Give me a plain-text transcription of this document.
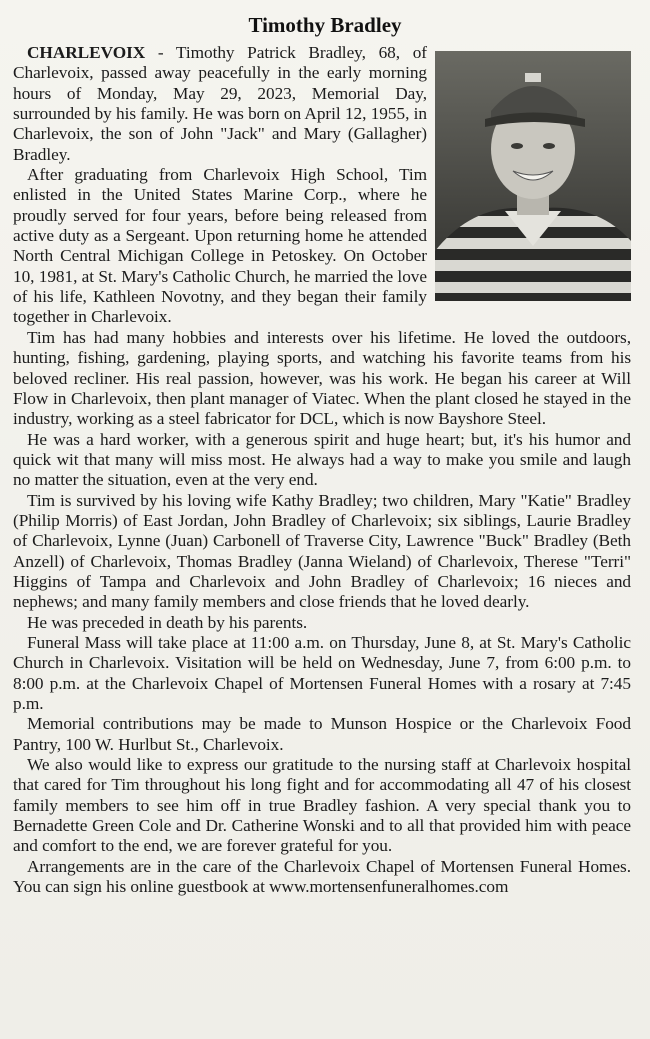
Timothy Bradley

CHARLEVOIX - Timothy Patrick Bradley, 68, of Charlevoix, passed away peacefully in the early morning hours of Monday, May 29, 2023, Memorial Day, surrounded by his family. He was born on April 12, 1955, in Charlevoix, the son of John "Jack" and Mary (Gallagher) Bradley.

After graduating from Charlevoix High School, Tim enlisted in the United States Marine Corp., where he proudly served for four years, before being released from active duty as a Sergeant. Upon returning home he attended North Central Michigan College in Petoskey. On October 10, 1981, at St. Mary's Catholic Church, he married the love of his life, Kathleen Novotny, and they began their family together in Charlevoix.

Tim has had many hobbies and interests over his lifetime. He loved the outdoors, hunting, fishing, gardening, playing sports, and watching his favorite teams from his beloved recliner. His real passion, however, was his work. He began his career at Will Flow in Charlevoix, then plant manager of Viatec. When the plant closed he stayed in the industry, working as a steel fabricator for DCL, which is now Bayshore Steel.

He was a hard worker, with a generous spirit and huge heart; but, it's his humor and quick wit that many will miss most. He always had a way to make you smile and laugh no matter the situation, even at the very end.

Tim is survived by his loving wife Kathy Bradley; two children, Mary "Katie" Bradley (Philip Morris) of East Jordan, John Bradley of Charlevoix; six siblings, Laurie Bradley of Charlevoix, Lynne (Juan) Carbonell of Traverse City, Lawrence "Buck" Bradley (Beth Anzell) of Charlevoix, Thomas Bradley (Janna Wieland) of Charlevoix, Therese "Terri" Higgins of Tampa and Charlevoix and John Bradley of Charlevoix; 16 nieces and nephews; and many family members and close friends that he loved dearly.

He was preceded in death by his parents.

Funeral Mass will take place at 11:00 a.m. on Thursday, June 8, at St. Mary's Catholic Church in Charlevoix. Visitation will be held on Wednesday, June 7, from 6:00 p.m. to 8:00 p.m. at the Charlevoix Chapel of Mortensen Funeral Homes with a rosary at 7:45 p.m.

Memorial contributions may be made to Munson Hospice or the Charlevoix Food Pantry, 100 W. Hurlbut St., Charlevoix.

We also would like to express our gratitude to the nursing staff at Charlevoix hospital that cared for Tim throughout his long fight and for accommodating all 47 of his closest family members to see him off in true Bradley fashion. A very special thank you to Bernadette Green Cole and Dr. Catherine Wonski and to all that provided him with peace and comfort to the end, we are forever grateful for you.

Arrangements are in the care of the Charlevoix Chapel of Mortensen Funeral Homes. You can sign his online guestbook at www.mortensenfuneralhomes.com
